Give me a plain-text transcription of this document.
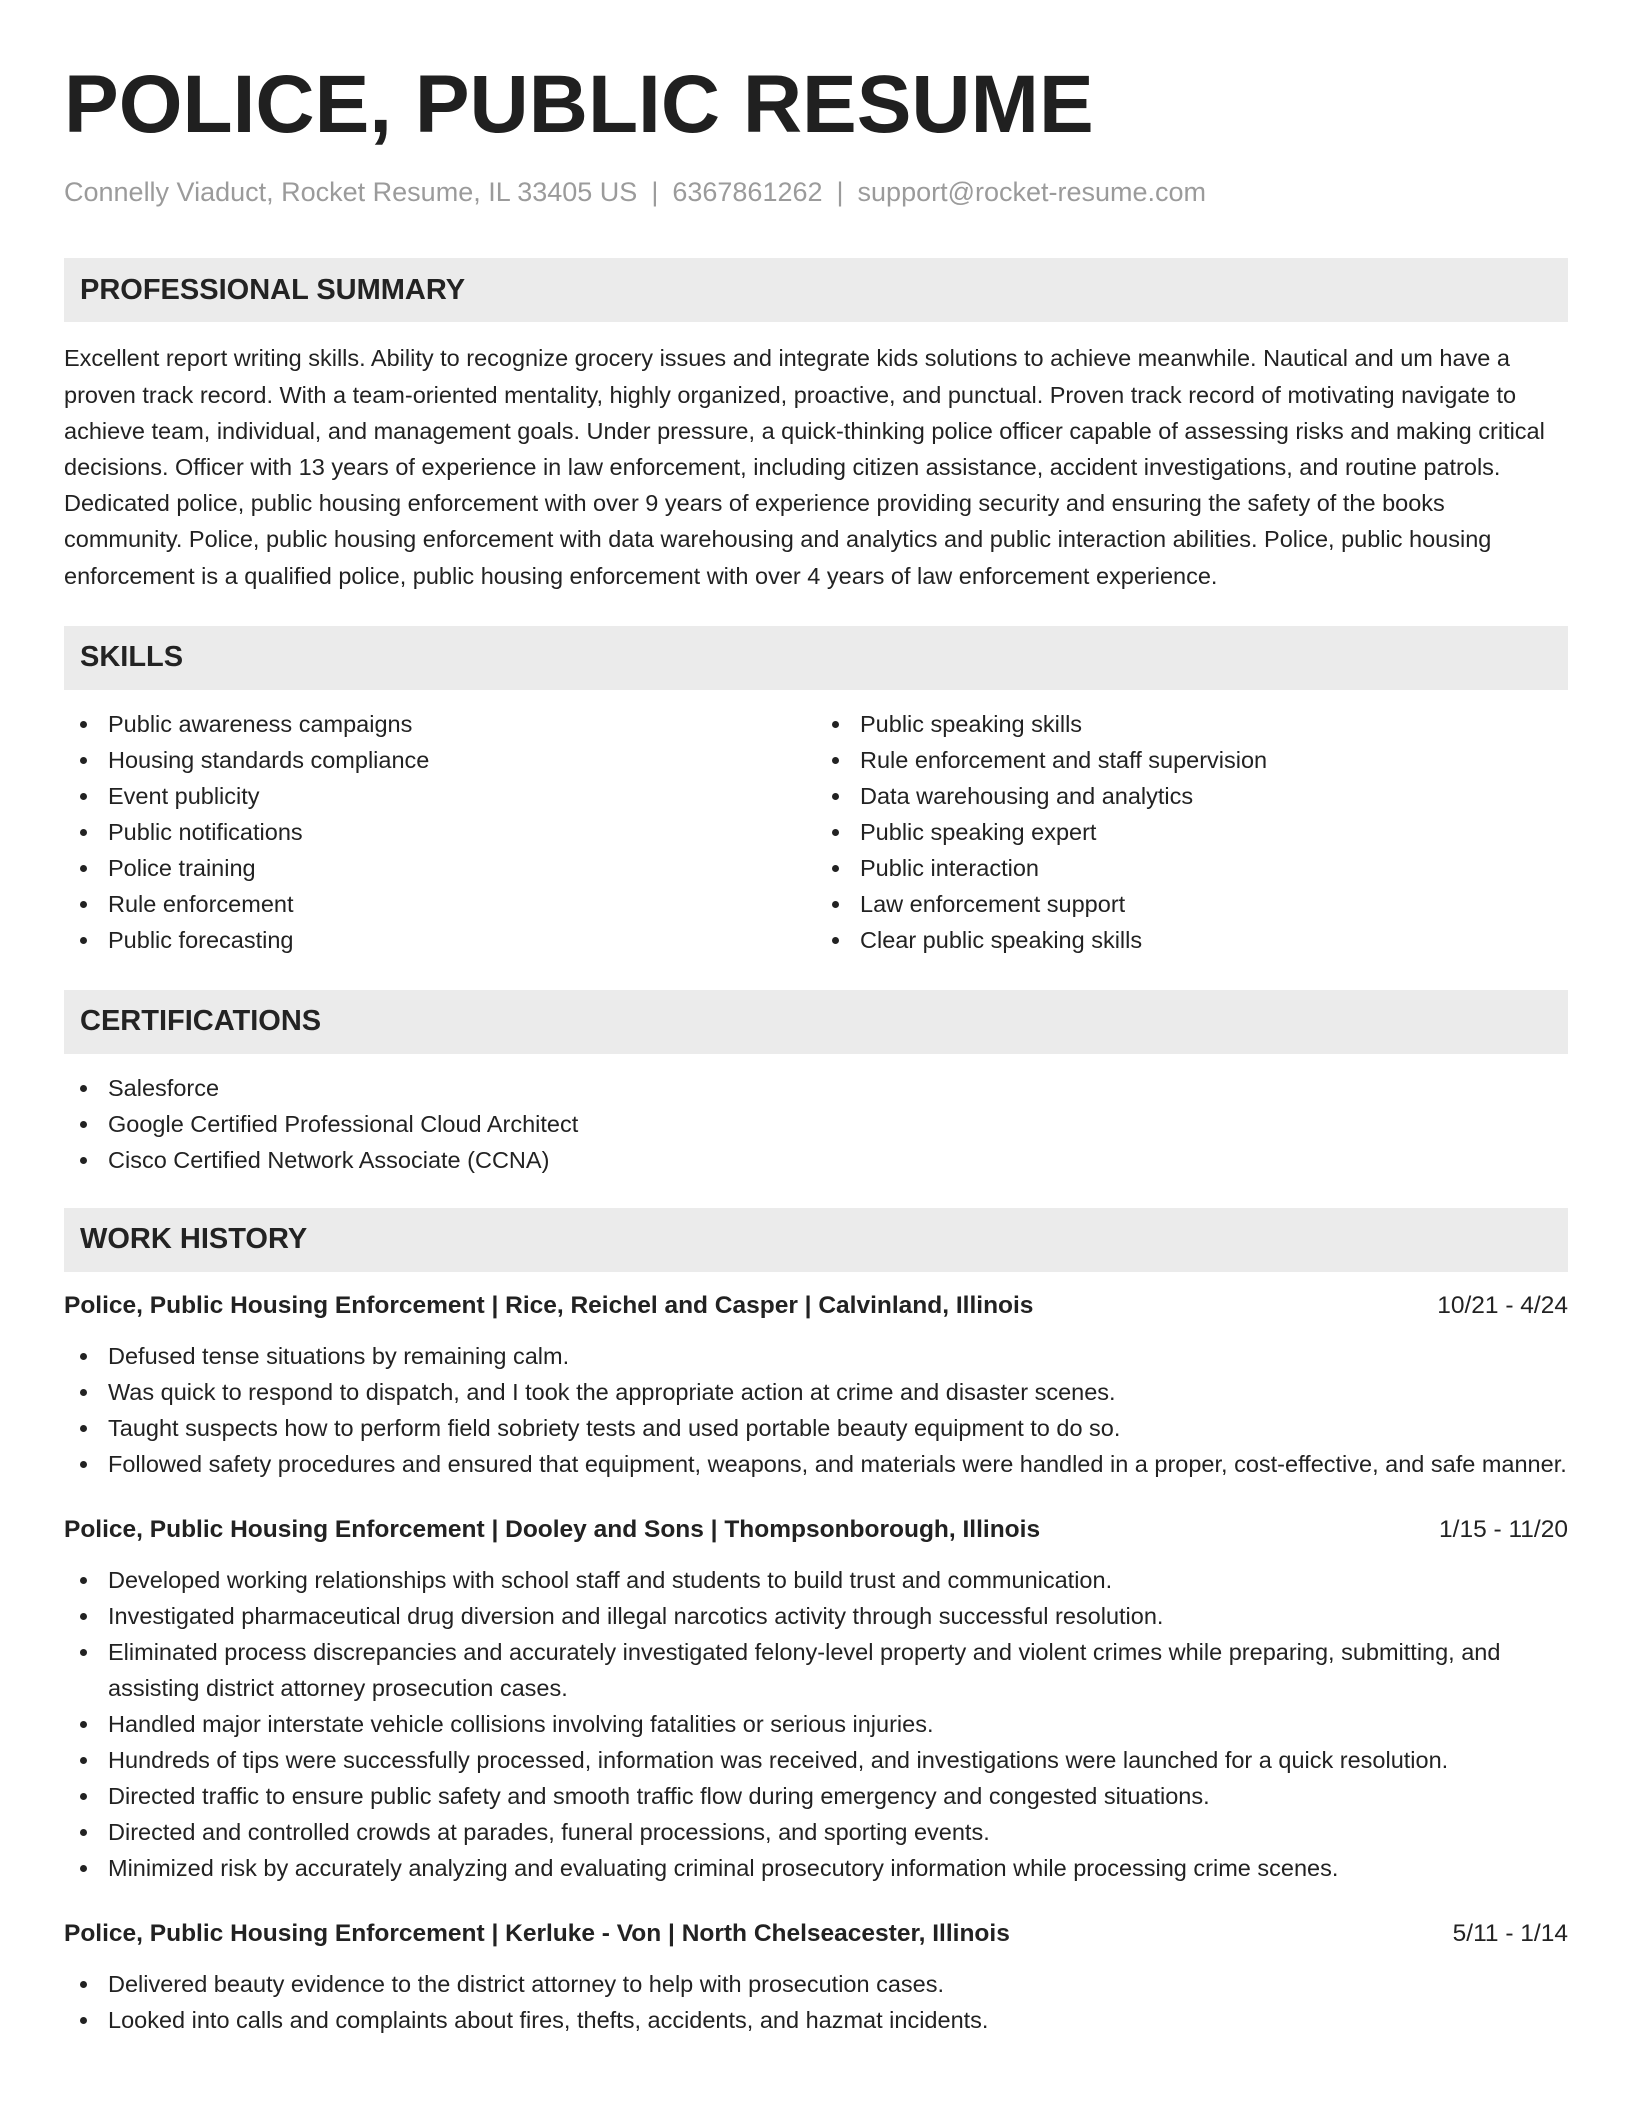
POLICE, PUBLIC RESUME
Connelly Viaduct, Rocket Resume, IL 33405 US | 6367861262 | support@rocket-resume.com
PROFESSIONAL SUMMARY

Excellent report writing skills. Ability to recognize grocery issues and integrate kids solutions to achieve meanwhile. Nautical and um have a proven track record. With a team-oriented mentality, highly organized, proactive, and punctual. Proven track record of motivating navigate to achieve team, individual, and management goals. Under pressure, a quick-thinking police officer capable of assessing risks and making critical decisions. Officer with 13 years of experience in law enforcement, including citizen assistance, accident investigations, and routine patrols. Dedicated police, public housing enforcement with over 9 years of experience providing security and ensuring the safety of the books community. Police, public housing enforcement with data warehousing and analytics and public interaction abilities. Police, public housing enforcement is a qualified police, public housing enforcement with over 4 years of law enforcement experience.

SKILLS
Public awareness campaigns
Housing standards compliance
Event publicity
Public notifications
Police training
Rule enforcement
Public forecasting
Public speaking skills
Rule enforcement and staff supervision
Data warehousing and analytics
Public speaking expert
Public interaction
Law enforcement support
Clear public speaking skills
CERTIFICATIONS
Salesforce
Google Certified Professional Cloud Architect
Cisco Certified Network Associate (CCNA)
WORK HISTORY
Police, Public Housing Enforcement | Rice, Reichel and Casper | Calvinland, Illinois	10/21 - 4/24
Defused tense situations by remaining calm.
Was quick to respond to dispatch, and I took the appropriate action at crime and disaster scenes.
Taught suspects how to perform field sobriety tests and used portable beauty equipment to do so.
Followed safety procedures and ensured that equipment, weapons, and materials were handled in a proper, cost-effective, and safe manner.
Police, Public Housing Enforcement | Dooley and Sons | Thompsonborough, Illinois	1/15 - 11/20
Developed working relationships with school staff and students to build trust and communication.
Investigated pharmaceutical drug diversion and illegal narcotics activity through successful resolution.
Eliminated process discrepancies and accurately investigated felony-level property and violent crimes while preparing, submitting, and assisting district attorney prosecution cases.
Handled major interstate vehicle collisions involving fatalities or serious injuries.
Hundreds of tips were successfully processed, information was received, and investigations were launched for a quick resolution.
Directed traffic to ensure public safety and smooth traffic flow during emergency and congested situations.
Directed and controlled crowds at parades, funeral processions, and sporting events.
Minimized risk by accurately analyzing and evaluating criminal prosecutory information while processing crime scenes.
Police, Public Housing Enforcement | Kerluke - Von | North Chelseacester, Illinois	5/11 - 1/14
Delivered beauty evidence to the district attorney to help with prosecution cases.
Looked into calls and complaints about fires, thefts, accidents, and hazmat incidents.
